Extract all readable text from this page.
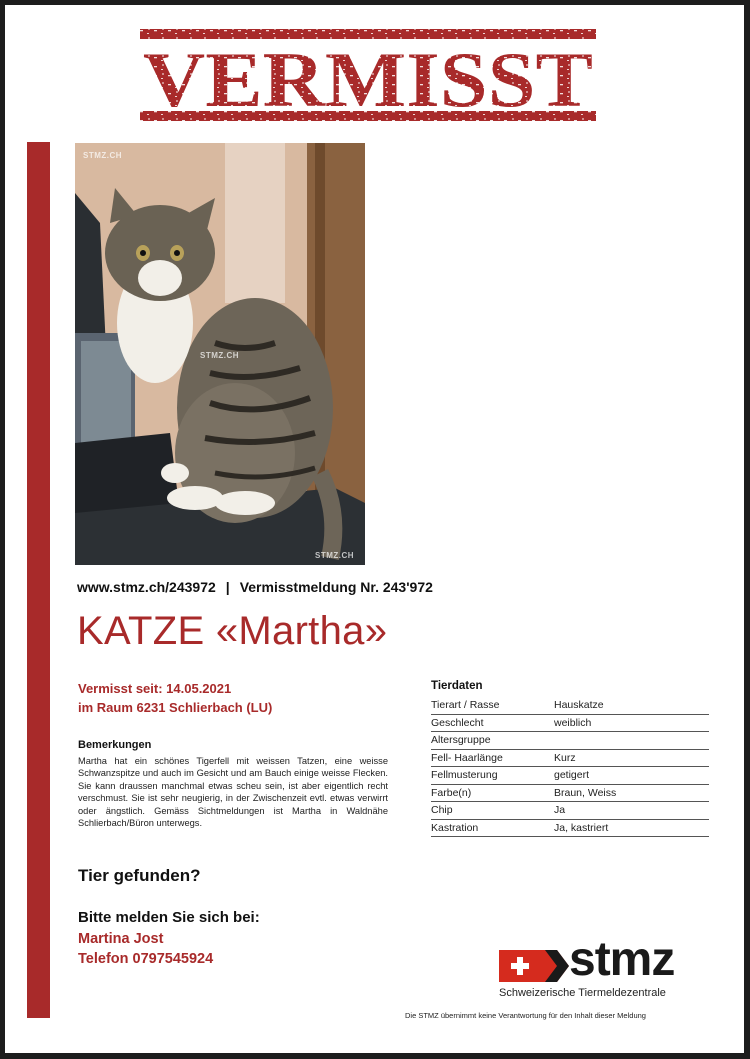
VERMISST
STMZ.CH
STMZ.CH
STMZ.CH
www.stmz.ch/243972 | Vermisstmeldung Nr. 243'972
KATZE «Martha»
Vermisst seit: 14.05.2021
im Raum 6231 Schlierbach (LU)
Bemerkungen
Martha hat ein schönes Tigerfell mit weissen Tatzen, eine weisse Schwanzspitze und auch im Gesicht und am Bauch einige weisse Flecken. Sie kann draussen manchmal etwas scheu sein, ist aber eigentlich recht verschmust. Sie ist sehr neugierig, in der Zwischenzeit evtl. etwas verwirrt oder ängstlich. Gemäss Sichtmeldungen ist Martha in Waldnähe Schlierbach/Büron unterwegs.
Tier gefunden?
Bitte melden Sie sich bei:
Martina Jost
Telefon 0797545924
Tierdaten
Tierart / Rasse	Hauskatze
Geschlecht	weiblich
Altersgruppe	
Fell- Haarlänge	Kurz
Fellmusterung	getigert
Farbe(n)	Braun, Weiss
Chip	Ja
Kastration	Ja, kastriert
stmz
Schweizerische Tiermeldezentrale
Die STMZ übernimmt keine Verantwortung für den Inhalt dieser Meldung
